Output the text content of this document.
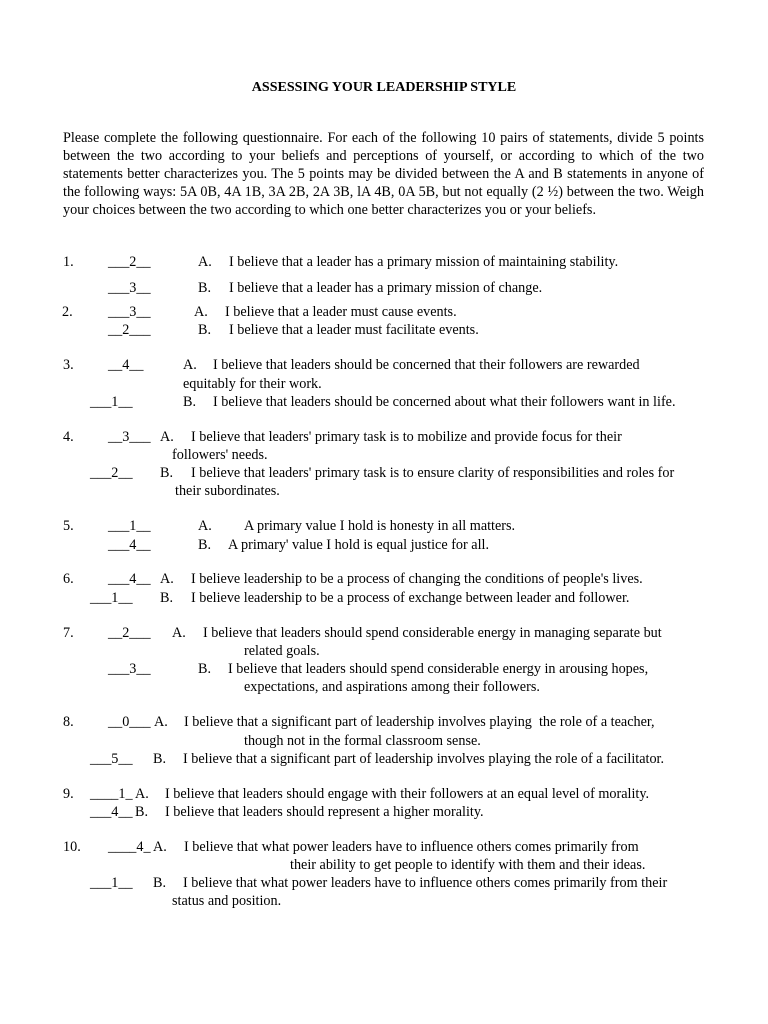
ASSESSING YOUR LEADERSHIP STYLE
Please complete the following questionnaire. For each of the following 10 pairs of statements, divide 5 points between the two according to your beliefs and perceptions of yourself, or according to which of the two statements better characterizes you. The 5 points may be divided between the A and B statements in anyone of the following ways: 5A 0B, 4A 1B, 3A 2B, 2A 3B, lA 4B, 0A 5B, but not equally (2 ½) between the two. Weigh your choices between the two according to which one better characterizes you or your beliefs.
1. ___2__	A. I believe that a leader has a primary mission of maintaining stability.
___3__	B. I believe that a leader has a primary mission of change.
2. ___3__	A. I believe that a leader must cause events.
__2___	B. I believe that a leader must facilitate events.
3. __4__	A. I believe that leaders should be concerned that their followers are rewarded
equitably for their work.
___1__	B. I believe that leaders should be concerned about what their followers want in life.
4. __3___ A. I believe that leaders' primary task is to mobilize and provide focus for their
followers' needs.
___2__ B. I believe that leaders' primary task is to ensure clarity of responsibilities and roles for
their subordinates.
5. ___1__	A. A primary value I hold is honesty in all matters.
___4__	B. A primary' value I hold is equal justice for all.
6. ___4__ A. I believe leadership to be a process of changing the conditions of people's lives.
___1__ B. I believe leadership to be a process of exchange between leader and follower.
7. __2___ A. I believe that leaders should spend considerable energy in managing separate but
related goals.
___3__	B. I believe that leaders should spend considerable energy in arousing hopes,
expectations, and aspirations among their followers.
8. __0___ A. I believe that a significant part of leadership involves playing  the role of a teacher,
though not in the formal classroom sense.
___5__ B. I believe that a significant part of leadership involves playing the role of a facilitator.
9. ____1_ A. I believe that leaders should engage with their followers at an equal level of morality.
___4__ B. I believe that leaders should represent a higher morality.
10. ____4_ A. I believe that what power leaders have to influence others comes primarily from
their ability to get people to identify with them and their ideas.
___1__ B. I believe that what power leaders have to influence others comes primarily from their
status and position.
